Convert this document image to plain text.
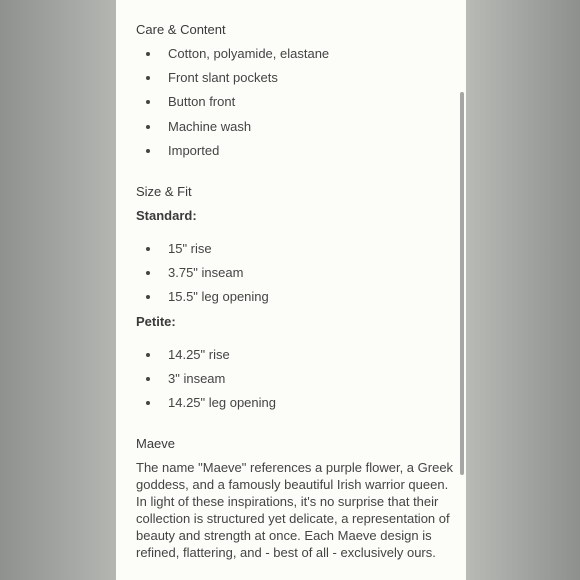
Care & Content
Cotton, polyamide, elastane
Front slant pockets
Button front
Machine wash
Imported
Size & Fit
Standard:
15" rise
3.75" inseam
15.5" leg opening
Petite:
14.25" rise
3" inseam
14.25" leg opening
Maeve

The name "Maeve" references a purple flower, a Greek goddess, and a famously beautiful Irish warrior queen. In light of these inspirations, it's no surprise that their collection is structured yet delicate, a representation of beauty and strength at once. Each Maeve design is refined, flattering, and - best of all - exclusively ours.
